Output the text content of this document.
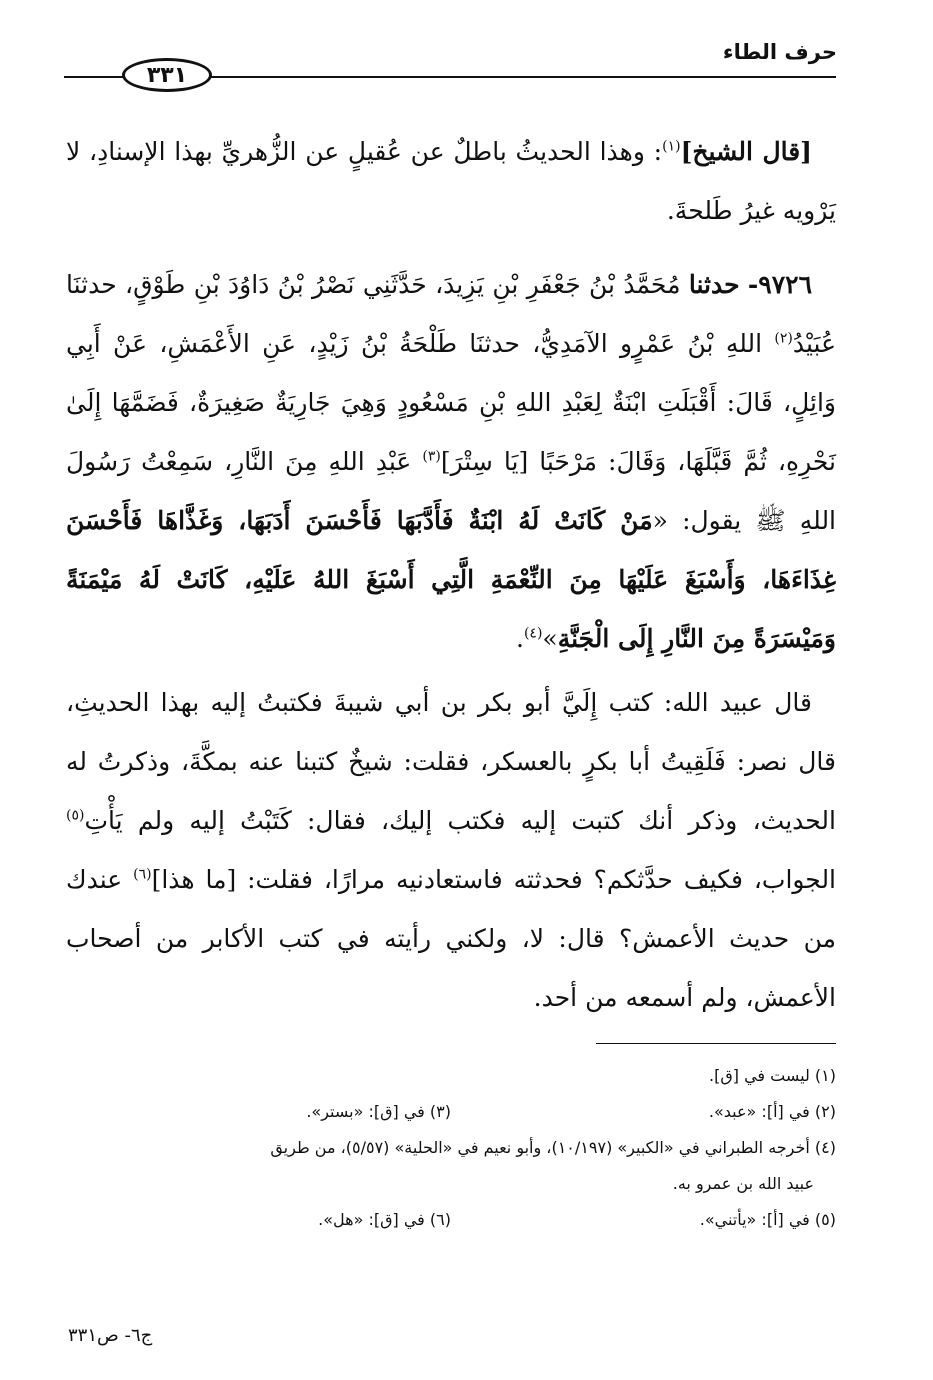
حرف الطاء
٣٣١

[قال الشيخ]$^{(١)}$: وهذا الحديثُ باطلٌ عن عُقيلٍ عن الزُّهريِّ بهذا الإسنادِ، لا يَرْويه غيرُ طَلحةَ.

٩٧٢٦- حدثنا مُحَمَّدُ بْنُ جَعْفَرِ بْنِ يَزِيدَ، حَدَّثَنِي نَصْرُ بْنُ دَاوُدَ بْنِ طَوْقٍ، حدثنَا عُبَيْدُ$^{(٢)}$ اللهِ بْنُ عَمْرٍو الآمَدِيُّ، حدثنَا طَلْحَةُ بْنُ زَيْدٍ، عَنِ الأَعْمَشِ، عَنْ أَبِي وَائِلٍ، قَالَ: أَقْبَلَتِ ابْنَةٌ لِعَبْدِ اللهِ بْنِ مَسْعُودٍ وَهِيَ جَارِيَةٌ صَغِيرَةٌ، فَضَمَّهَا إِلَىٰ نَحْرِهِ، ثُمَّ قَبَّلَهَا، وَقَالَ: مَرْحَبًا [يَا سِتْرَ]$^{(٣)}$ عَبْدِ اللهِ مِنَ النَّارِ، سَمِعْتُ رَسُولَ اللهِ ﷺ يقول: «مَنْ كَانَتْ لَهُ ابْنَةٌ فَأَدَّبَهَا فَأَحْسَنَ أَدَبَهَا، وَغَذَّاهَا فَأَحْسَنَ غِذَاءَهَا، وَأَسْبَغَ عَلَيْهَا مِنَ النِّعْمَةِ الَّتِي أَسْبَغَ اللهُ عَلَيْهِ، كَانَتْ لَهُ مَيْمَنَةً وَمَيْسَرَةً مِنَ النَّارِ إِلَى الْجَنَّةِ»$^{(٤)}$.

قال عبيد الله: كتب إِلَيَّ أبو بكر بن أبي شيبةَ فكتبتُ إليه بهذا الحديثِ، قال نصر: فَلَقِيتُ أبا بكرٍ بالعسكر، فقلت: شيخٌ كتبنا عنه بمكَّةَ، وذكرتُ له الحديث، وذكر أنك كتبت إليه فكتب إليك، فقال: كَتَبْتُ إليه ولم يَأْتِ$^{(٥)}$ الجواب، فكيف حدَّثكم؟ فحدثته فاستعادنيه مرارًا، فقلت: [ما هذا]$^{(٦)}$ عندك من حديث الأعمش؟ قال: لا، ولكني رأيته في كتب الأكابر من أصحاب الأعمش، ولم أسمعه من أحد.

(١) ليست في [ق].
(٢) في [أ]: «عبد».
(٣) في [ق]: «بستر».
(٤) أخرجه الطبراني في «الكبير» (١٠/١٩٧)، وأبو نعيم في «الحلية» (٥/٥٧)، من طريق
عبيد الله بن عمرو به.
(٥) في [أ]: «يأتني».
(٦) في [ق]: «هل».
ج٦- ص٣٣١
